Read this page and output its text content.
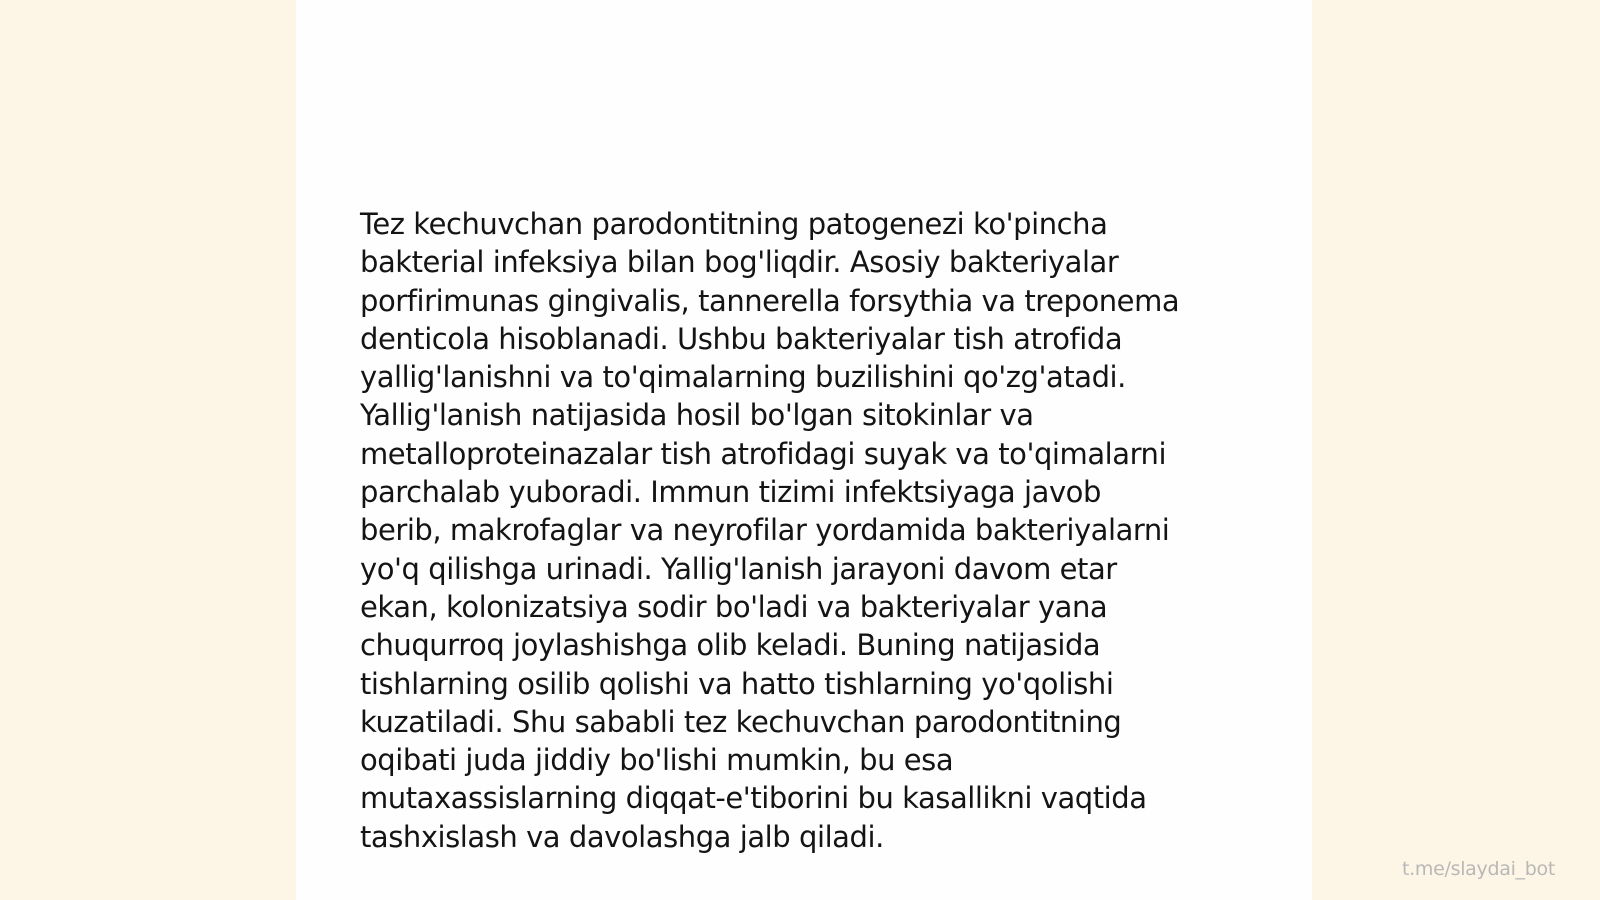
Tez kechuvchan parodontitning patogenezi ko'pincha
bakterial infeksiya bilan bog'liqdir. Asosiy bakteriyalar
porfirimunas gingivalis, tannerella forsythia va treponema
denticola hisoblanadi. Ushbu bakteriyalar tish atrofida
yallig'lanishni va to'qimalarning buzilishini qo'zg'atadi.
Yallig'lanish natijasida hosil bo'lgan sitokinlar va
metalloproteinazalar tish atrofidagi suyak va to'qimalarni
parchalab yuboradi. Immun tizimi infektsiyaga javob
berib, makrofaglar va neyrofilar yordamida bakteriyalarni
yo'q qilishga urinadi. Yallig'lanish jarayoni davom etar
ekan, kolonizatsiya sodir bo'ladi va bakteriyalar yana
chuqurroq joylashishga olib keladi. Buning natijasida
tishlarning osilib qolishi va hatto tishlarning yo'qolishi
kuzatiladi. Shu sababli tez kechuvchan parodontitning
oqibati juda jiddiy bo'lishi mumkin, bu esa
mutaxassislarning diqqat-e'tiborini bu kasallikni vaqtida
tashxislash va davolashga jalb qiladi.

t.me/slaydai_bot
